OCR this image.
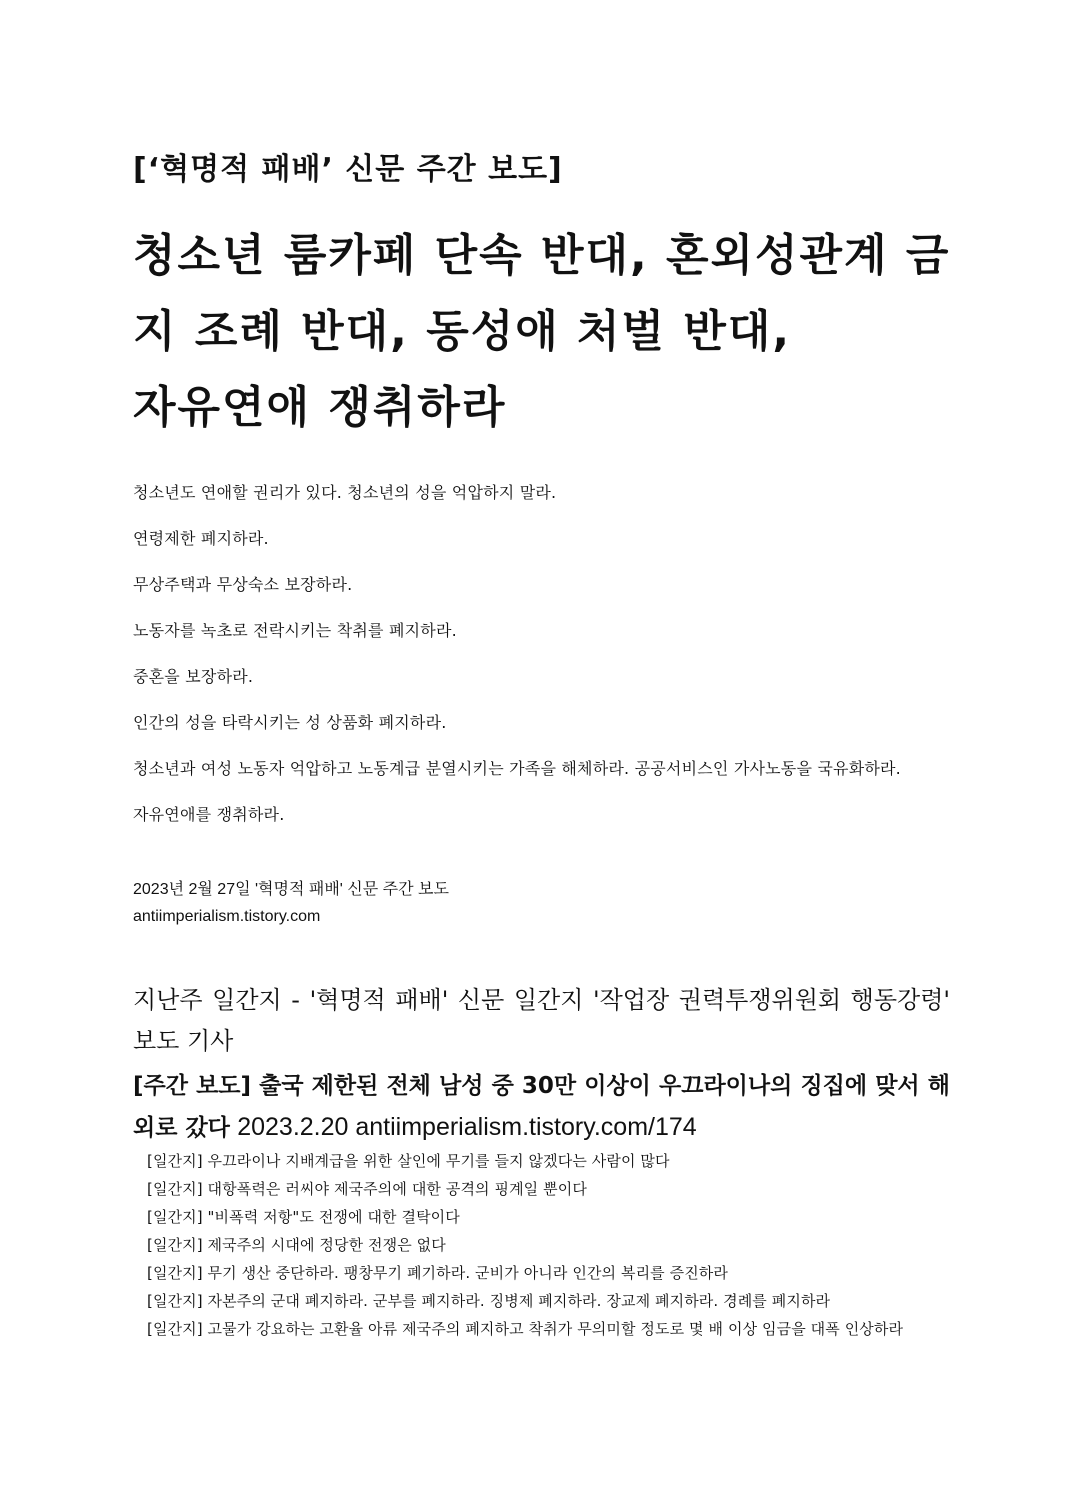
[‘혁명적 패배’ 신문 주간 보도]
청소년 룸카페 단속 반대, 혼외성관계 금
지 조례 반대, 동성애 처벌 반대,
자유연애 쟁취하라

청소년도 연애할 권리가 있다. 청소년의 성을 억압하지 말라.

연령제한 폐지하라.

무상주택과 무상숙소 보장하라.

노동자를 녹초로 전락시키는 착취를 폐지하라.

중혼을 보장하라.

인간의 성을 타락시키는 성 상품화 폐지하라.

청소년과 여성 노동자 억압하고 노동계급 분열시키는 가족을 해체하라. 공공서비스인 가사노동을 국유화하라.

자유연애를 쟁취하라.

2023년 2월 27일 '혁명적 패배' 신문 주간 보도
antiimperialism.tistory.com
지난주 일간지 - '혁명적 패배' 신문 일간지 '작업장 권력투쟁위원회 행동강령' 보도 기사
[주간 보도] 출국 제한된 전체 남성 중 30만 이상이 우끄라이나의 징집에 맞서 해외로 갔다 2023.2.20 antiimperialism.tistory.com/174
[일간지] 우끄라이나 지배계급을 위한 살인에 무기를 들지 않겠다는 사람이 많다
[일간지] 대항폭력은 러씨야 제국주의에 대한 공격의 핑계일 뿐이다
[일간지] "비폭력 저항"도 전쟁에 대한 결탁이다
[일간지] 제국주의 시대에 정당한 전쟁은 없다
[일간지] 무기 생산 중단하라. 팽창무기 폐기하라. 군비가 아니라 인간의 복리를 증진하라
[일간지] 자본주의 군대 폐지하라. 군부를 폐지하라. 징병제 폐지하라. 장교제 폐지하라. 경례를 폐지하라
[일간지] 고물가 강요하는 고환율 아류 제국주의 폐지하고 착취가 무의미할 정도로 몇 배 이상 임금을 대폭 인상하라
